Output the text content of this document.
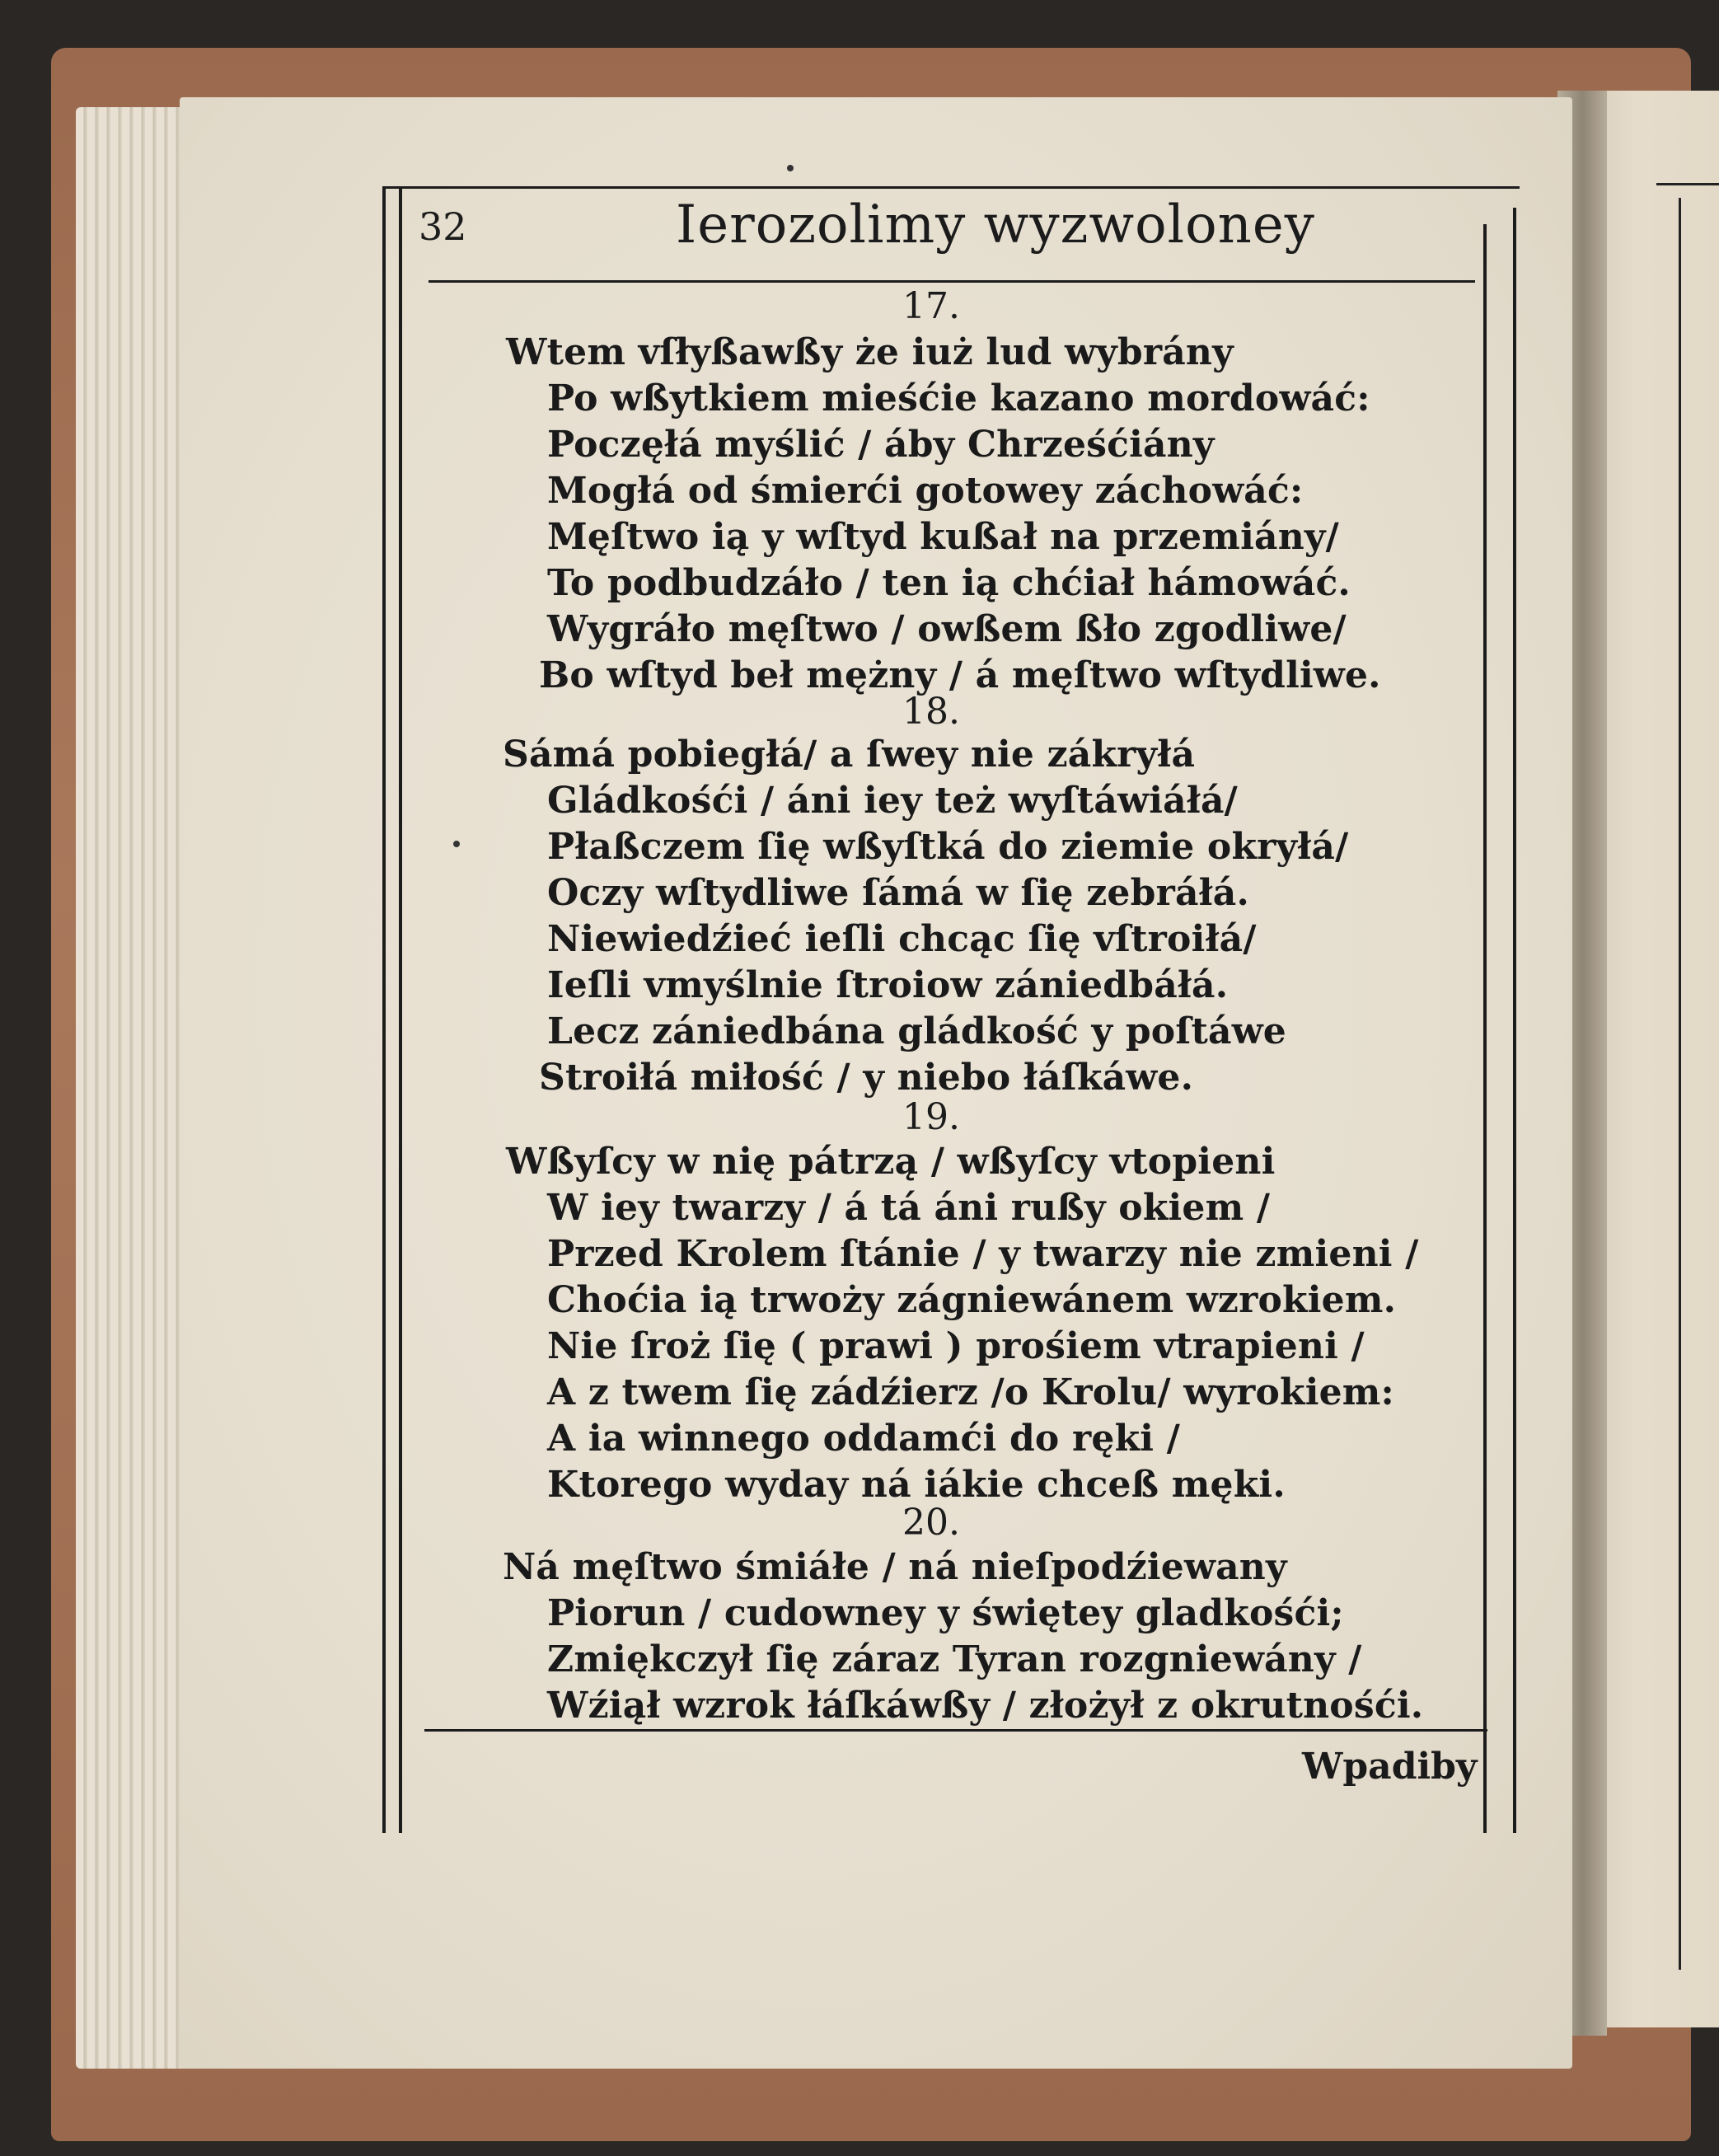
32	Ierozolimy wyzwoloney
17.
Wtem vſłyßawßy że iuż lud wybrány
Po wßytkiem mieśćie kazano mordowáć:
Poczęłá myślić / áby Chrześćiány
Mogłá od śmierći gotowey záchowáć:
Męſtwo ią y wſtyd kußał na przemiány/
To podbudzáło / ten ią chćiał hámowáć.
Wygráło męſtwo / owßem ßło zgodliwe/
Bo wſtyd beł mężny / á męſtwo wſtydliwe.
18.
Sámá pobiegłá/ a ſwey nie zákryłá
Gládkośći / áni iey też wyſtáwiáłá/
Płaßczem ſię wßyſtká do ziemie okryłá/
Oczy wſtydliwe ſámá w ſię zebráłá.
Niewiedźieć ieſli chcąc ſię vſtroiłá/
Ieſli vmyślnie ſtroiow zániedbáłá.
Lecz zániedbána gládkość y poſtáwe
Stroiłá miłość / y niebo łáſkáwe.
19.
Wßyſcy w nię pátrzą / wßyſcy vtopieni
W iey twarzy / á tá áni rußy okiem /
Przed Krolem ſtánie / y twarzy nie zmieni /
Choćia ią trwoży zágniewánem wzrokiem.
Nie ſroż ſię ( prawi ) prośiem vtrapieni /
A z twem ſię zádźierz /o Krolu/ wyrokiem:
A ia winnego oddamći do ręki /
Ktorego wyday ná iákie chceß męki.
20.
Ná męſtwo śmiáłe / ná nieſpodźiewany
Piorun / cudowney y świętey gladkośći;
Zmiękczył ſię záraz Tyran rozgniewány /
Wźiął wzrok łáſkáwßy / złożył z okrutnośći.
Wpadiby
